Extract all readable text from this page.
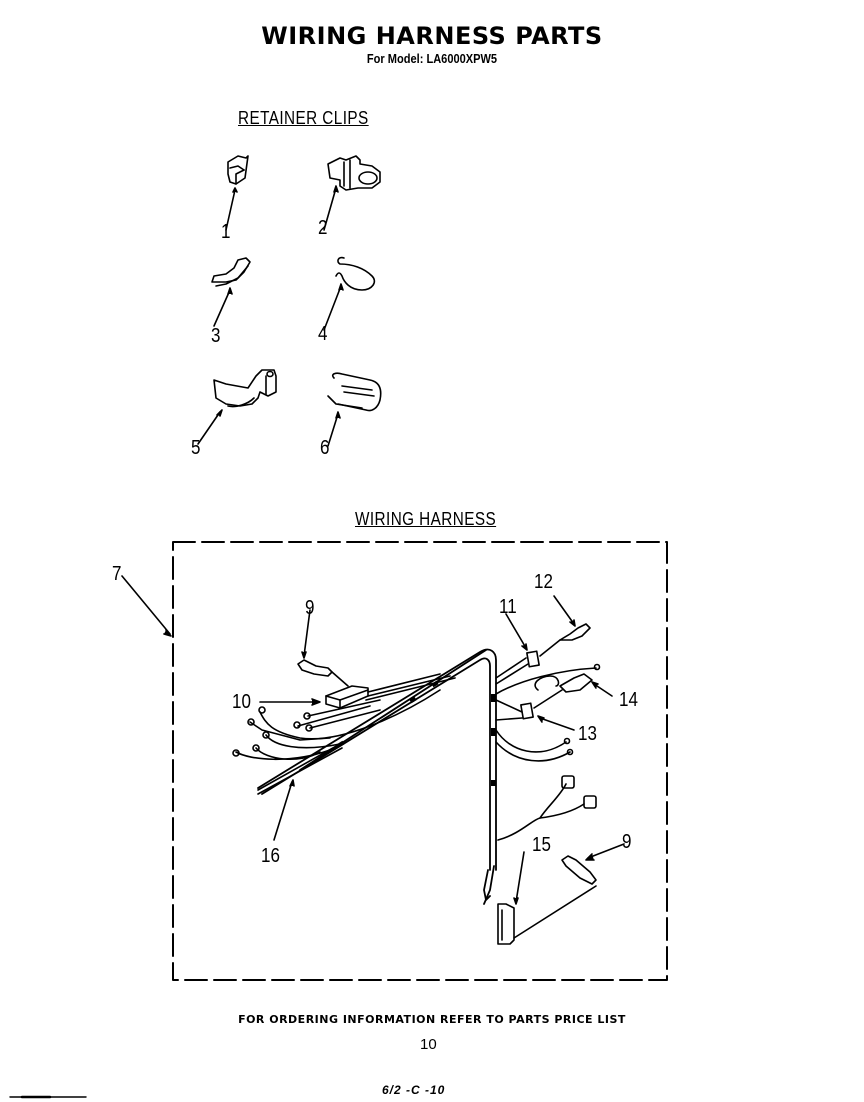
WIRING HARNESS PARTS
For Model: LA6000XPW5
RETAINER CLIPS
WIRING HARNESS
1	2
3	4
5	6
7
9
10
11
12
13
14
15	9
16
FOR ORDERING INFORMATION REFER TO PARTS PRICE LIST
10
6/2 -C -10
